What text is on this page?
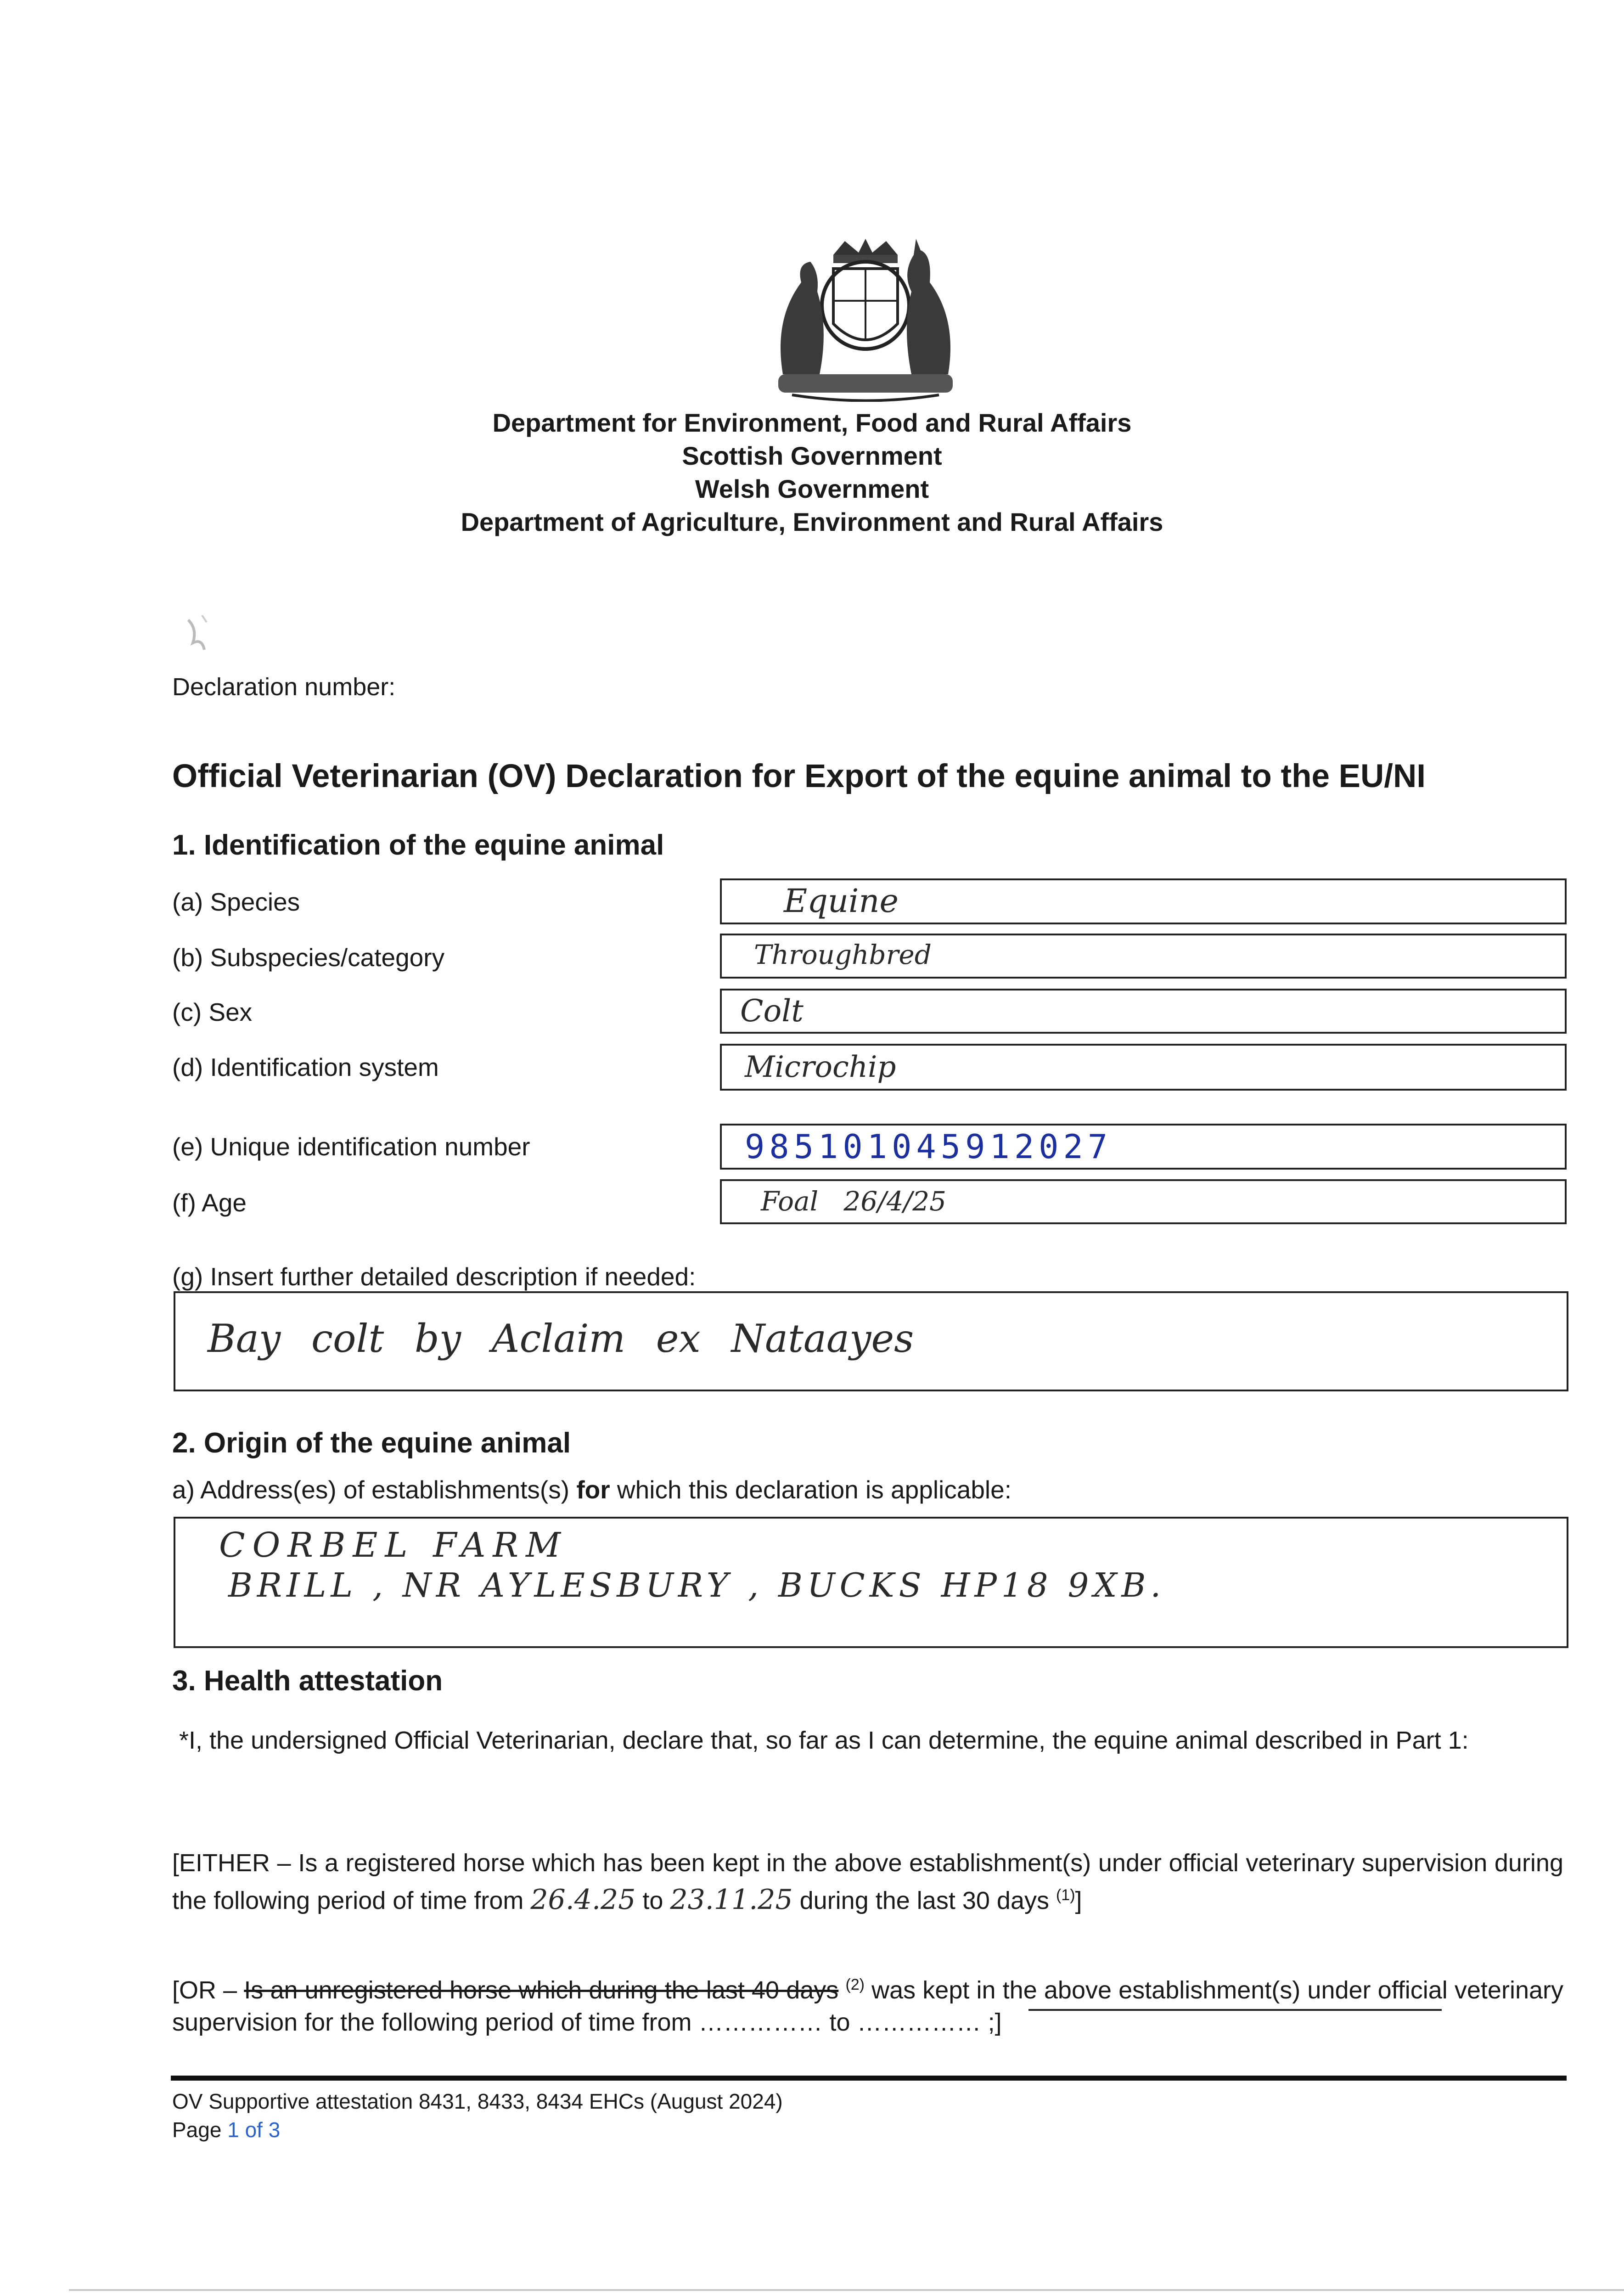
Department for Environment, Food and Rural Affairs
Scottish Government
Welsh Government
Department of Agriculture, Environment and Rural Affairs
Declaration number:
Official Veterinarian (OV) Declaration for Export of the equine animal to the EU/NI
1. Identification of the equine animal
(a) Species	Equine
(b) Subspecies/category	Throughbred
(c) Sex	Colt
(d) Identification system	Microchip
(e) Unique identification number	985101045912027
(f) Age	Foal   26/4/25
(g) Insert further detailed description if needed:
Bay colt by Aclaim ex Nataayes
2. Origin of the equine animal
a) Address(es) of establishments(s) for which this declaration is applicable:
CORBEL FARM
BRILL , NR AYLESBURY , BUCKS HP18 9XB.
3. Health attestation
*I, the undersigned Official Veterinarian, declare that, so far as I can determine, the equine animal described in Part 1:
[EITHER – Is a registered horse which has been kept in the above establishment(s) under official veterinary supervision during the following period of time from 26.4.25 to 23.11.25 during the last 30 days $^{(1)}$]
[OR – Is an unregistered horse which during the last 40 days $^{(2)}$ was kept in the above establishment(s) under official veterinary supervision for the following period of time from …………… to …………… ;]
OV Supportive attestation 8431, 8433, 8434 EHCs (August 2024)
Page 1 of 3
